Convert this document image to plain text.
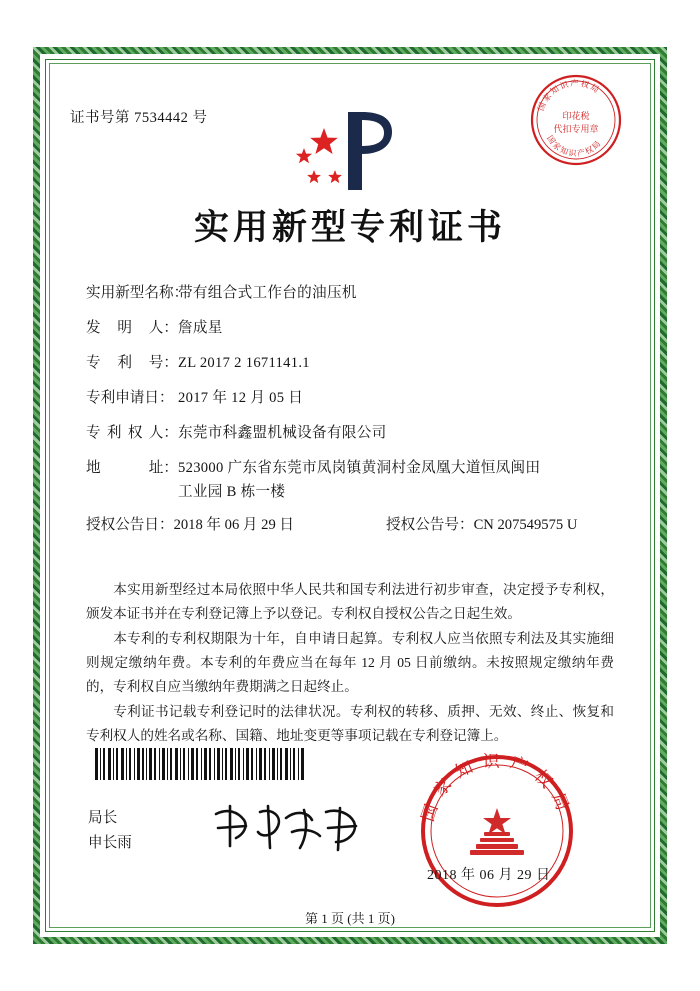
证书号第 7534442 号
国家知识产权局
印花税
代扣专用章
国家知识产权局
实用新型专利证书
实用新型名称：
带有组合式工作台的油压机
发 明 人： 詹成星
专 利 号： ZL 2017 2 1671141.1
专利申请日： 2017 年 12 月 05 日
专 利 权 人： 东莞市科鑫盟机械设备有限公司
地	址： 523000 广东省东莞市凤岗镇黄洞村金凤凰大道恒凤闽田
工业园 B 栋一楼
授权公告日：2018 年 06 月 29 日	授权公告号：CN 207549575 U

本实用新型经过本局依照中华人民共和国专利法进行初步审查，决定授予专利权，颁发本证书并在专利登记簿上予以登记。专利权自授权公告之日起生效。

本专利的专利权期限为十年，自申请日起算。专利权人应当依照专利法及其实施细则规定缴纳年费。本专利的年费应当在每年 12 月 05 日前缴纳。未按照规定缴纳年费的，专利权自应当缴纳年费期满之日起终止。

专利证书记载专利登记时的法律状况。专利权的转移、质押、无效、终止、恢复和专利权人的姓名或名称、国籍、地址变更等事项记载在专利登记簿上。

局长
申长雨
国家知识产权局
2018 年 06 月 29 日
第 1 页 (共 1 页)
